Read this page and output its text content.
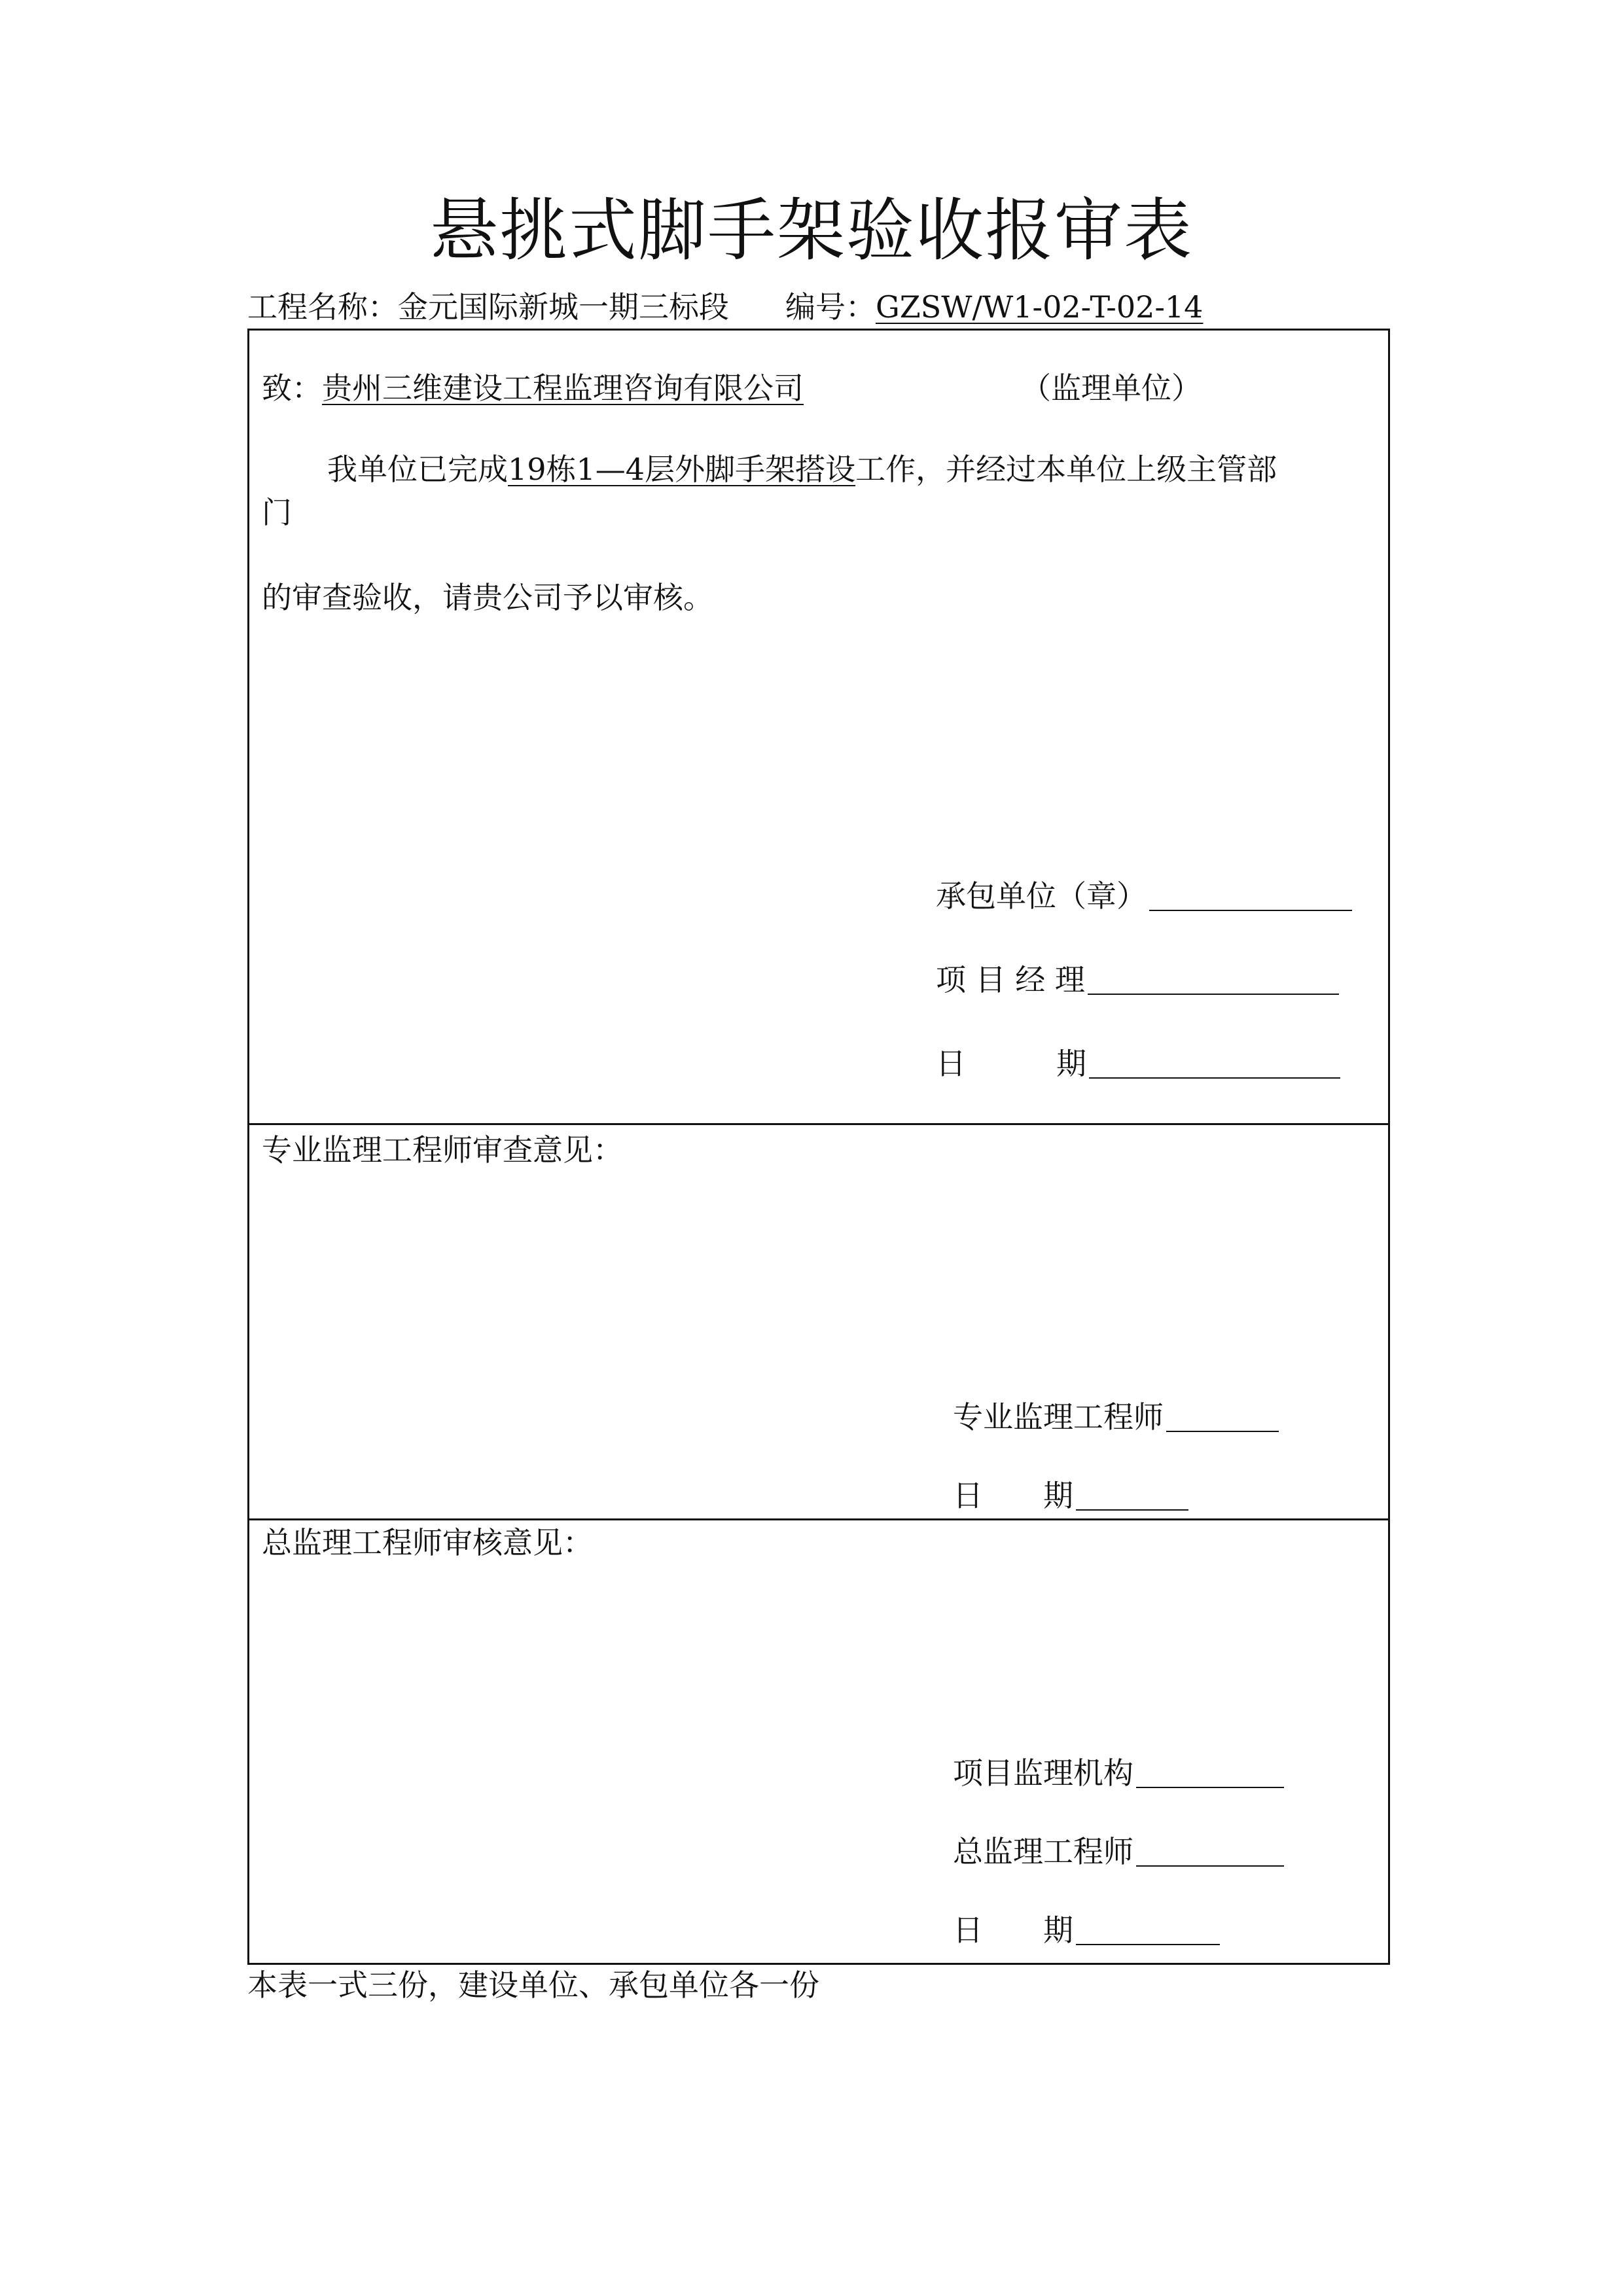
悬挑式脚手架验收报审表
工程名称：金元国际新城一期三标段 编号：GZSW/W1-02-T-02-14
致：贵州三维建设工程监理咨询有限公司	（监理单位）
我单位已完成19栋1—4层外脚手架搭设工作，并经过本单位上级主管部
门
的审查验收，请贵公司予以审核。
承包单位（章）
项 目 经 理
日　　　期
专业监理工程师审查意见：
专业监理工程师
日　　期
总监理工程师审核意见：
项目监理机构
总监理工程师
日　　期
本表一式三份，建设单位、承包单位各一份
